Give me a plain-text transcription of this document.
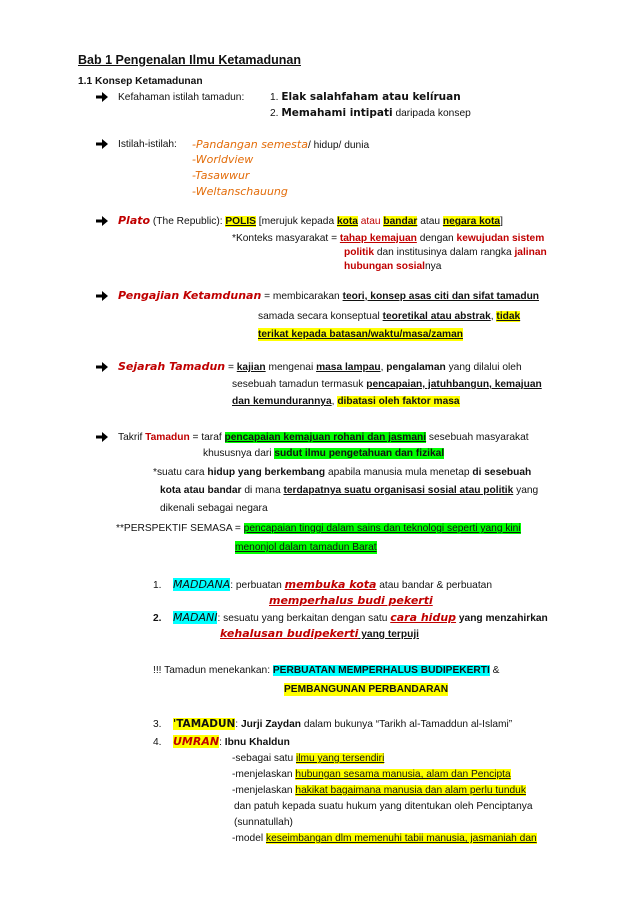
Bab 1 Pengenalan Ilmu Ketamadunan
1.1 Konsep Ketamadunan
Kefahaman istilah tamadun:	1. Elak salahfaham atau kelíruan
2. Memahami intipati daripada konsep
Istilah-istilah: -Pandangan semesta/ hidup/ dunia
-Worldview
-Tasawwur
-Weltanschauung
Plato (The Republic): POLIS [merujuk kepada kota atau bandar atau negara kota]
*Konteks masyarakat = tahap kemajuan dengan kewujudan sistem
politik dan institusinya dalam rangka jalinan
hubungan sosialnya
Pengajian Ketamdunan = membicarakan teori, konsep asas citi dan sifat tamadun
samada secara konseptual teoretikal atau abstrak, tidak
terikat kepada batasan/waktu/masa/zaman
Sejarah Tamadun = kajian mengenai masa lampau, pengalaman yang dilalui oleh
sesebuah tamadun termasuk pencapaian, jatuhbangun, kemajuan
dan kemundurannya, dibatasi oleh faktor masa
Takrif Tamadun = taraf pencapaian kemajuan rohani dan jasmani sesebuah masyarakat
khususnya dari sudut ilmu pengetahuan dan fizikal
*suatu cara hidup yang berkembang apabila manusia mula menetap di sesebuah
kota atau bandar di mana terdapatnya suatu organisasi sosial atau politik yang
dikenali sebagai negara
**PERSPEKTIF SEMASA = pencapaian tinggi dalam sains dan teknologi seperti yang kini
menonjol dalam tamadun Barat
1. MADDANA: perbuatan membuka kota atau bandar & perbuatan
memperhalus budi pekerti
2. MADANI: sesuatu yang berkaitan dengan satu cara hidup yang menzahirkan
kehalusan budipekerti yang terpuji
!!! Tamadun menekankan: PERBUATAN MEMPERHALUS BUDIPEKERTI &
PEMBANGUNAN PERBANDARAN
3. 'TAMADUN: Jurji Zaydan dalam bukunya “Tarikh al-Tamaddun al-Islami”
4. UMRAN: Ibnu Khaldun
-sebagai satu ilmu yang tersendiri
-menjelaskan hubungan sesama manusia, alam dan Pencipta
-menjelaskan hakikat bagaimana manusia dan alam perlu tunduk
dan patuh kepada suatu hukum yang ditentukan oleh Penciptanya
(sunnatullah)
-model keseimbangan dlm memenuhi tabii manusia, jasmaniah dan
